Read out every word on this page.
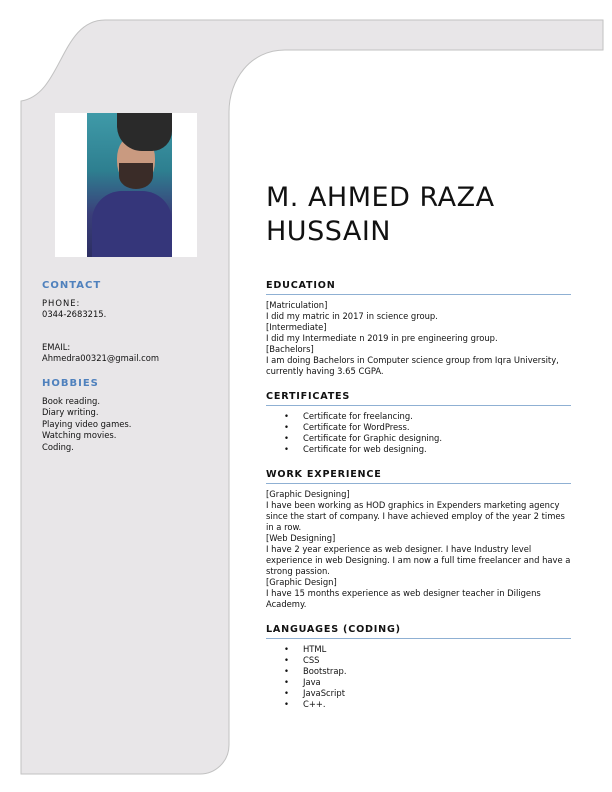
CONTACT
PHONE:
0344-2683215.
EMAIL:
Ahmedra00321@gmail.com
HOBBIES
Book reading.
Diary writing.
Playing video games.
Watching movies.
Coding.
M. AHMED RAZA
HUSSAIN
EDUCATION
[Matriculation]
I did my matric in 2017 in science group.
[Intermediate]
I did my Intermediate n 2019 in pre engineering group.
[Bachelors]
I am doing Bachelors in Computer science group from Iqra University, currently having 3.65 CGPA.
CERTIFICATES
• Certificate for freelancing.
• Certificate for WordPress.
• Certificate for Graphic designing.
• Certificate for web designing.
WORK EXPERIENCE
[Graphic Designing]
I have been working as HOD graphics in Expenders marketing agency since the start of company. I have achieved employ of the year 2 times in a row.
[Web Designing]
I have 2 year experience as web designer. I have Industry level experience in web Designing. I am now a full time freelancer and have a strong passion.
[Graphic Design]
I have 15 months experience as web designer teacher in Diligens Academy.
LANGUAGES (CODING)
• HTML
• CSS
• Bootstrap.
• Java
• JavaScript
• C++.
